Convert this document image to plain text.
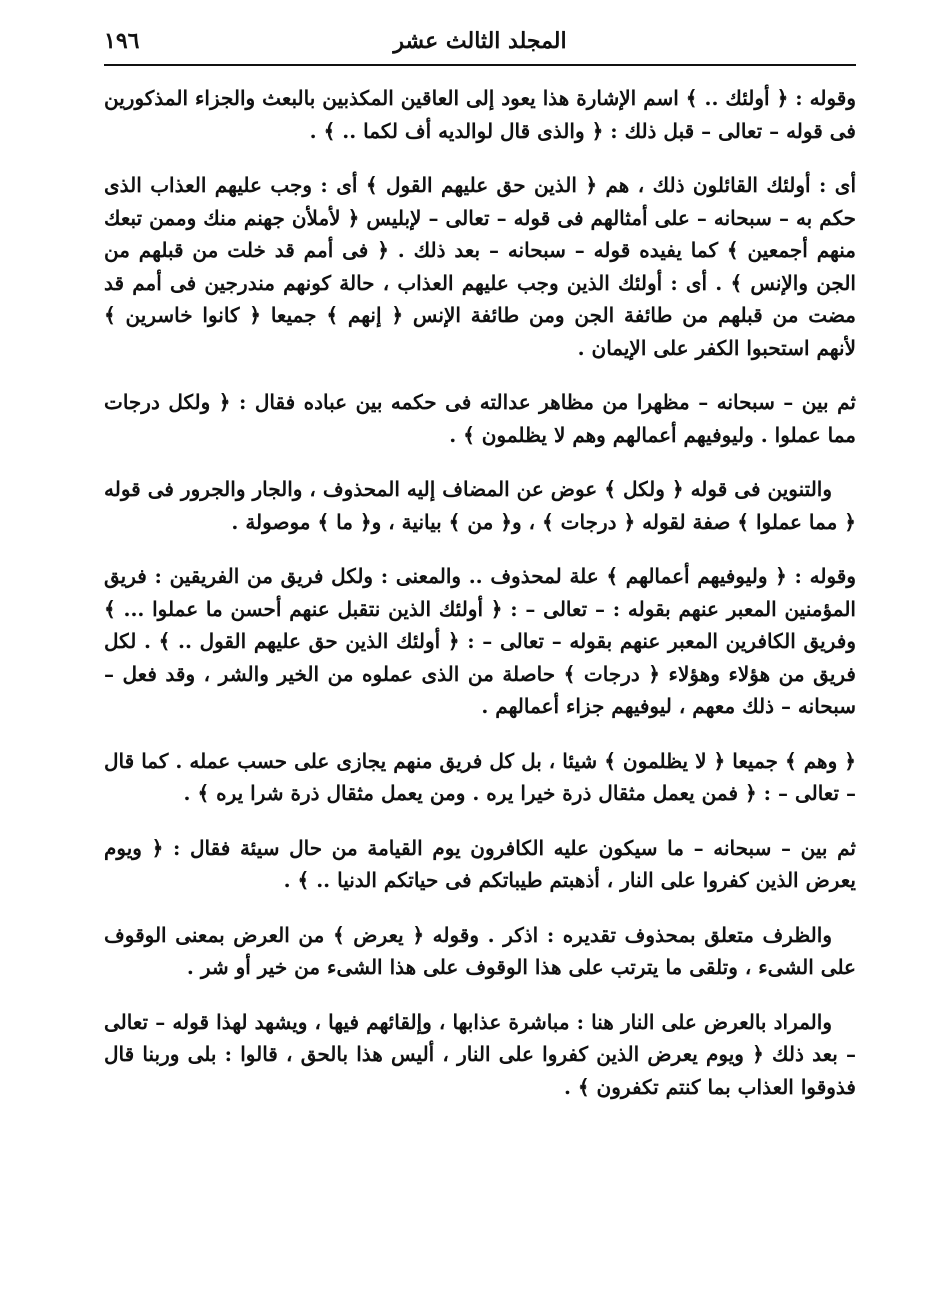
المجلد الثالث عشر
١٩٦

وقوله : ﴿ أولئك .. ﴾ اسم الإشارة هذا يعود إلى العاقين المكذبين بالبعث والجزاء المذكورين فى قوله – تعالى – قبل ذلك : ﴿ والذى قال لوالديه أف لكما .. ﴾ .

أى : أولئك القائلون ذلك ، هم ﴿ الذين حق عليهم القول ﴾ أى : وجب عليهم العذاب الذى حكم به – سبحانه – على أمثالهم فى قوله – تعالى – لإبليس ﴿ لأملأن جهنم منك وممن تبعك منهم أجمعين ﴾ كما يفيده قوله – سبحانه – بعد ذلك . ﴿ فى أمم قد خلت من قبلهم من الجن والإنس ﴾ . أى : أولئك الذين وجب عليهم العذاب ، حالة كونهم مندرجين فى أمم قد مضت من قبلهم من طائفة الجن ومن طائفة الإنس ﴿ إنهم ﴾ جميعا ﴿ كانوا خاسرين ﴾ لأنهم استحبوا الكفر على الإيمان .

ثم بين – سبحانه – مظهرا من مظاهر عدالته فى حكمه بين عباده فقال : ﴿ ولكل درجات مما عملوا . وليوفيهم أعمالهم وهم لا يظلمون ﴾ .

والتنوين فى قوله ﴿ ولكل ﴾ عوض عن المضاف إليه المحذوف ، والجار والجرور فى قوله ﴿ مما عملوا ﴾ صفة لقوله ﴿ درجات ﴾ ، و﴿ من ﴾ بيانية ، و﴿ ما ﴾ موصولة .

وقوله : ﴿ وليوفيهم أعمالهم ﴾ علة لمحذوف .. والمعنى : ولكل فريق من الفريقين : فريق المؤمنين المعبر عنهم بقوله : – تعالى – : ﴿ أولئك الذين نتقبل عنهم أحسن ما عملوا ... ﴾ وفريق الكافرين المعبر عنهم بقوله – تعالى – : ﴿ أولئك الذين حق عليهم القول .. ﴾ . لكل فريق من هؤلاء وهؤلاء ﴿ درجات ﴾ حاصلة من الذى عملوه من الخير والشر ، وقد فعل – سبحانه – ذلك معهم ، ليوفيهم جزاء أعمالهم .

﴿ وهم ﴾ جميعا ﴿ لا يظلمون ﴾ شيئا ، بل كل فريق منهم يجازى على حسب عمله . كما قال – تعالى – : ﴿ فمن يعمل مثقال ذرة خيرا يره . ومن يعمل مثقال ذرة شرا يره ﴾ .

ثم بين – سبحانه – ما سيكون عليه الكافرون يوم القيامة من حال سيئة فقال : ﴿ ويوم يعرض الذين كفروا على النار ، أذهبتم طيباتكم فى حياتكم الدنيا .. ﴾ .

والظرف متعلق بمحذوف تقديره : اذكر . وقوله ﴿ يعرض ﴾ من العرض بمعنى الوقوف على الشىء ، وتلقى ما يترتب على هذا الوقوف على هذا الشىء من خير أو شر .

والمراد بالعرض على النار هنا : مباشرة عذابها ، وإلقائهم فيها ، ويشهد لهذا قوله – تعالى – بعد ذلك ﴿ ويوم يعرض الذين كفروا على النار ، أليس هذا بالحق ، قالوا : بلى وربنا قال فذوقوا العذاب بما كنتم تكفرون ﴾ .
